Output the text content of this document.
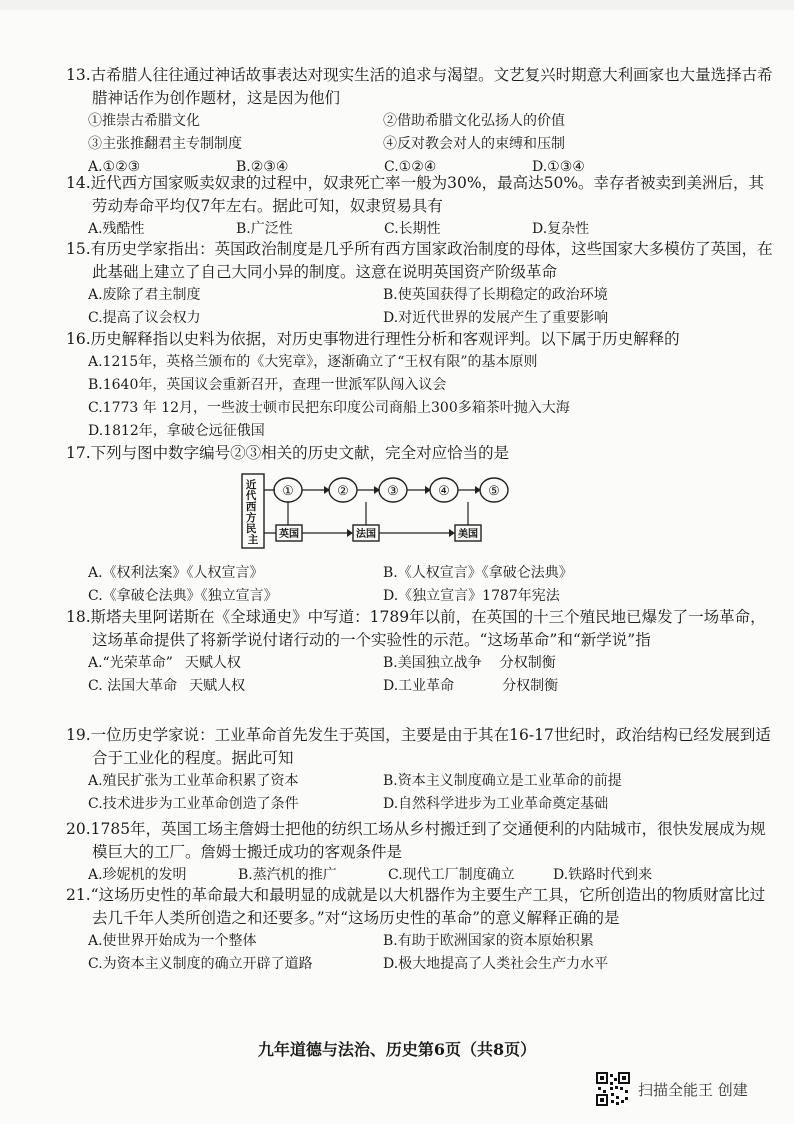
13.古希腊人往往通过神话故事表达对现实生活的追求与渴望。文艺复兴时期意大利画家也大量选择古希腊神话作为创作题材，这是因为他们

①推崇古希腊文化	②借助希腊文化弘扬人的价值
③主张推翻君主专制制度	④反对教会对人的束缚和压制
A.①②③	B.②③④	C.①②④	D.①③④

14.近代西方国家贩卖奴隶的过程中，奴隶死亡率一般为30%，最高达50%。幸存者被卖到美洲后，其劳动寿命平均仅7年左右。据此可知，奴隶贸易具有

A.残酷性	B.广泛性	C.长期性	D.复杂性

15.有历史学家指出：英国政治制度是几乎所有西方国家政治制度的母体，这些国家大多模仿了英国，在此基础上建立了自己大同小异的制度。这意在说明英国资产阶级革命

A.废除了君主制度	B.使英国获得了长期稳定的政治环境
C.提高了议会权力	D.对近代世界的发展产生了重要影响

16.历史解释指以史料为依据，对历史事物进行理性分析和客观评判。以下属于历史解释的

A.1215年，英格兰颁布的《大宪章》，逐渐确立了“王权有限”的基本原则
B.1640年，英国议会重新召开，查理一世派军队闯入议会
C.1773 年 12月，一些波士顿市民把东印度公司商船上300多箱茶叶抛入大海
D.1812年，拿破仑远征俄国

17.下列与图中数字编号②③相关的历史文献，完全对应恰当的是

近 代 西 方 民 主
①	②	③	④	⑤
英国	法国	美国
A.《权利法案》《人权宣言》	B.《人权宣言》《拿破仑法典》
C.《拿破仑法典》《独立宣言》	D.《独立宣言》1787年宪法

18.斯塔夫里阿诺斯在《全球通史》中写道：1789年以前，在英国的十三个殖民地已爆发了一场革命，这场革命提供了将新学说付诸行动的一个实验性的示范。“这场革命”和“新学说”指

A.“光荣革命” 天赋人权	B.美国独立战争 分权制衡
C. 法国大革命 天赋人权	D.工业革命	分权制衡

19.一位历史学家说：工业革命首先发生于英国，主要是由于其在16-17世纪时，政治结构已经发展到适合于工业化的程度。据此可知

A.殖民扩张为工业革命积累了资本	B.资本主义制度确立是工业革命的前提
C.技术进步为工业革命创造了条件	D.自然科学进步为工业革命奠定基础

20.1785年，英国工场主詹姆士把他的纺织工场从乡村搬迁到了交通便利的内陆城市，很快发展成为规模巨大的工厂。詹姆士搬迁成功的客观条件是

A.珍妮机的发明	B.蒸汽机的推广	C.现代工厂制度确立	D.铁路时代到来

21.“这场历史性的革命最大和最明显的成就是以大机器作为主要生产工具，它所创造出的物质财富比过去几千年人类所创造之和还要多。”对“这场历史性的革命”的意义解释正确的是

A.使世界开始成为一个整体	B.有助于欧洲国家的资本原始积累
C.为资本主义制度的确立开辟了道路	D.极大地提高了人类社会生产力水平
九年道德与法治、历史第6页（共8页）
扫描全能王 创建
